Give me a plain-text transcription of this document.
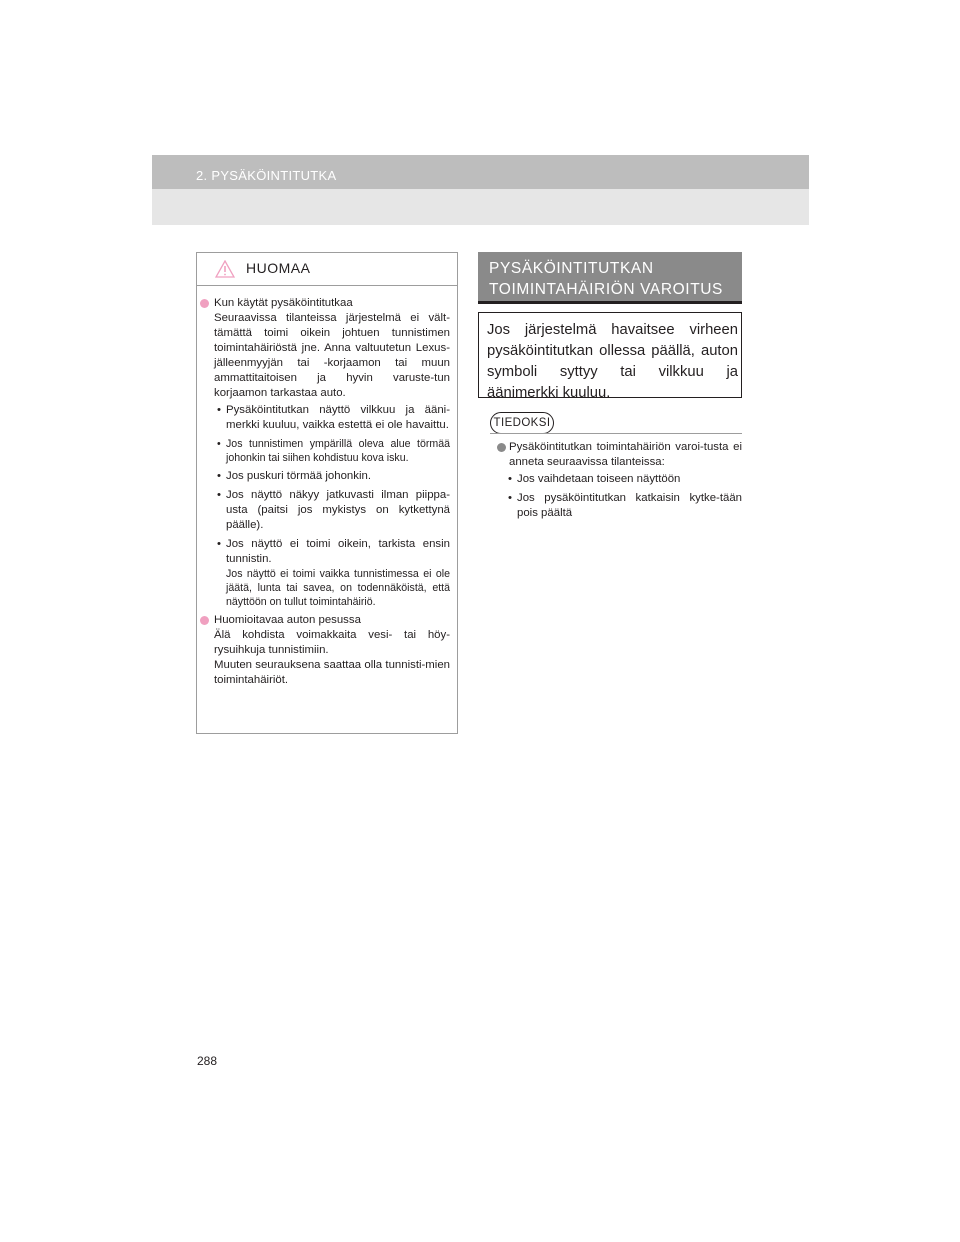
2. PYSÄKÖINTITUTKA
HUOMAA
Kun käytät pysäköintitutkaa
Seuraavissa tilanteissa järjestelmä ei vält-tämättä toimi oikein johtuen tunnistimen toimintahäiriöstä jne. Anna valtuutetun Lexus-jälleenmyyjän tai -korjaamon tai muun ammattitaitoisen ja hyvin varuste-tun korjaamon tarkastaa auto.
• Pysäköintitutkan näyttö vilkkuu ja ääni-merkki kuuluu, vaikka estettä ei ole havaittu.
• Jos tunnistimen ympärillä oleva alue törmää johonkin tai siihen kohdistuu kova isku.
• Jos puskuri törmää johonkin.
• Jos näyttö näkyy jatkuvasti ilman piippa-usta (paitsi jos mykistys on kytkettynä päälle).
• Jos näyttö ei toimi oikein, tarkista ensin tunnistin.
Jos näyttö ei toimi vaikka tunnistimessa ei ole jäätä, lunta tai savea, on todennäköistä, että näyttöön on tullut toimintahäiriö.
Huomioitavaa auton pesussa
Älä kohdista voimakkaita vesi- tai höy-rysuihkuja tunnistimiin.
Muuten seurauksena saattaa olla tunnisti-mien toimintahäiriöt.
PYSÄKÖINTITUTKAN
TOIMINTAHÄIRIÖN VAROITUS
Jos järjestelmä havaitsee virheen pysäköintitutkan ollessa päällä, auton symboli syttyy tai vilkkuu ja äänimerkki kuuluu.
TIEDOKSI
Pysäköintitutkan toimintahäiriön varoi-tusta ei anneta seuraavissa tilanteissa:
• Jos vaihdetaan toiseen näyttöön
• Jos pysäköintitutkan katkaisin kytke-tään pois päältä
288
